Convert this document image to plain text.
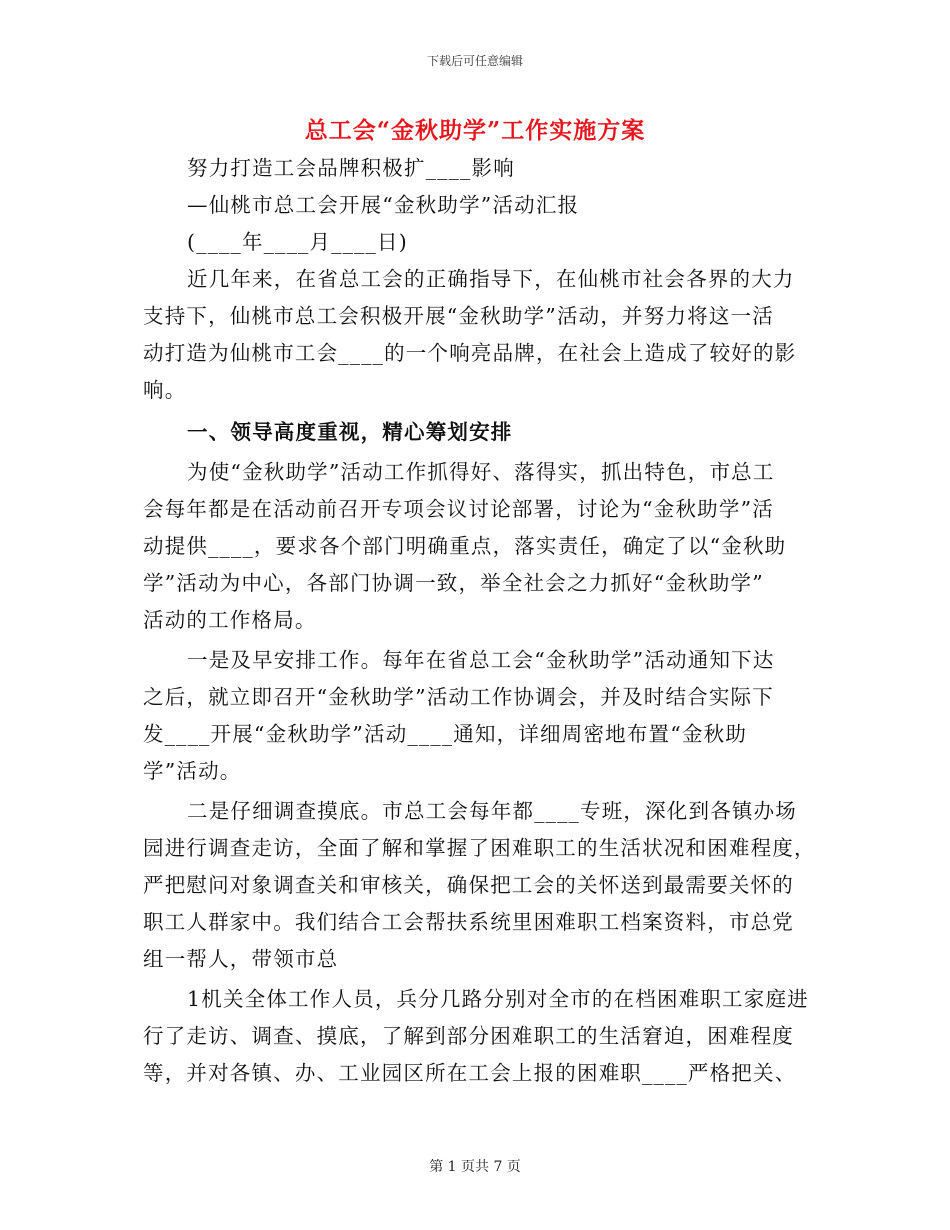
下载后可任意编辑
总工会“金秋助学”工作实施方案
努力打造工会品牌积极扩____影响
—仙桃市总工会开展“金秋助学”活动汇报
(____年____月____日)
近几年来，在省总工会的正确指导下，在仙桃市社会各界的大力
支持下，仙桃市总工会积极开展“金秋助学”活动，并努力将这一活
动打造为仙桃市工会____的一个响亮品牌，在社会上造成了较好的影
响。
一、领导高度重视，精心筹划安排
为使“金秋助学”活动工作抓得好、落得实，抓出特色，市总工
会每年都是在活动前召开专项会议讨论部署，讨论为“金秋助学”活
动提供____，要求各个部门明确重点，落实责任，确定了以“金秋助
学”活动为中心，各部门协调一致，举全社会之力抓好“金秋助学”
活动的工作格局。
一是及早安排工作。每年在省总工会“金秋助学”活动通知下达
之后，就立即召开“金秋助学”活动工作协调会，并及时结合实际下
发____开展“金秋助学”活动____通知，详细周密地布置“金秋助
学”活动。
二是仔细调查摸底。市总工会每年都____专班，深化到各镇办场
园进行调查走访，全面了解和掌握了困难职工的生活状况和困难程度，
严把慰问对象调查关和审核关，确保把工会的关怀送到最需要关怀的
职工人群家中。我们结合工会帮扶系统里困难职工档案资料，市总党
组一帮人，带领市总
1机关全体工作人员，兵分几路分别对全市的在档困难职工家庭进
行了走访、调查、摸底，了解到部分困难职工的生活窘迫，困难程度
等，并对各镇、办、工业园区所在工会上报的困难职____严格把关、
第 1 页共 7 页
